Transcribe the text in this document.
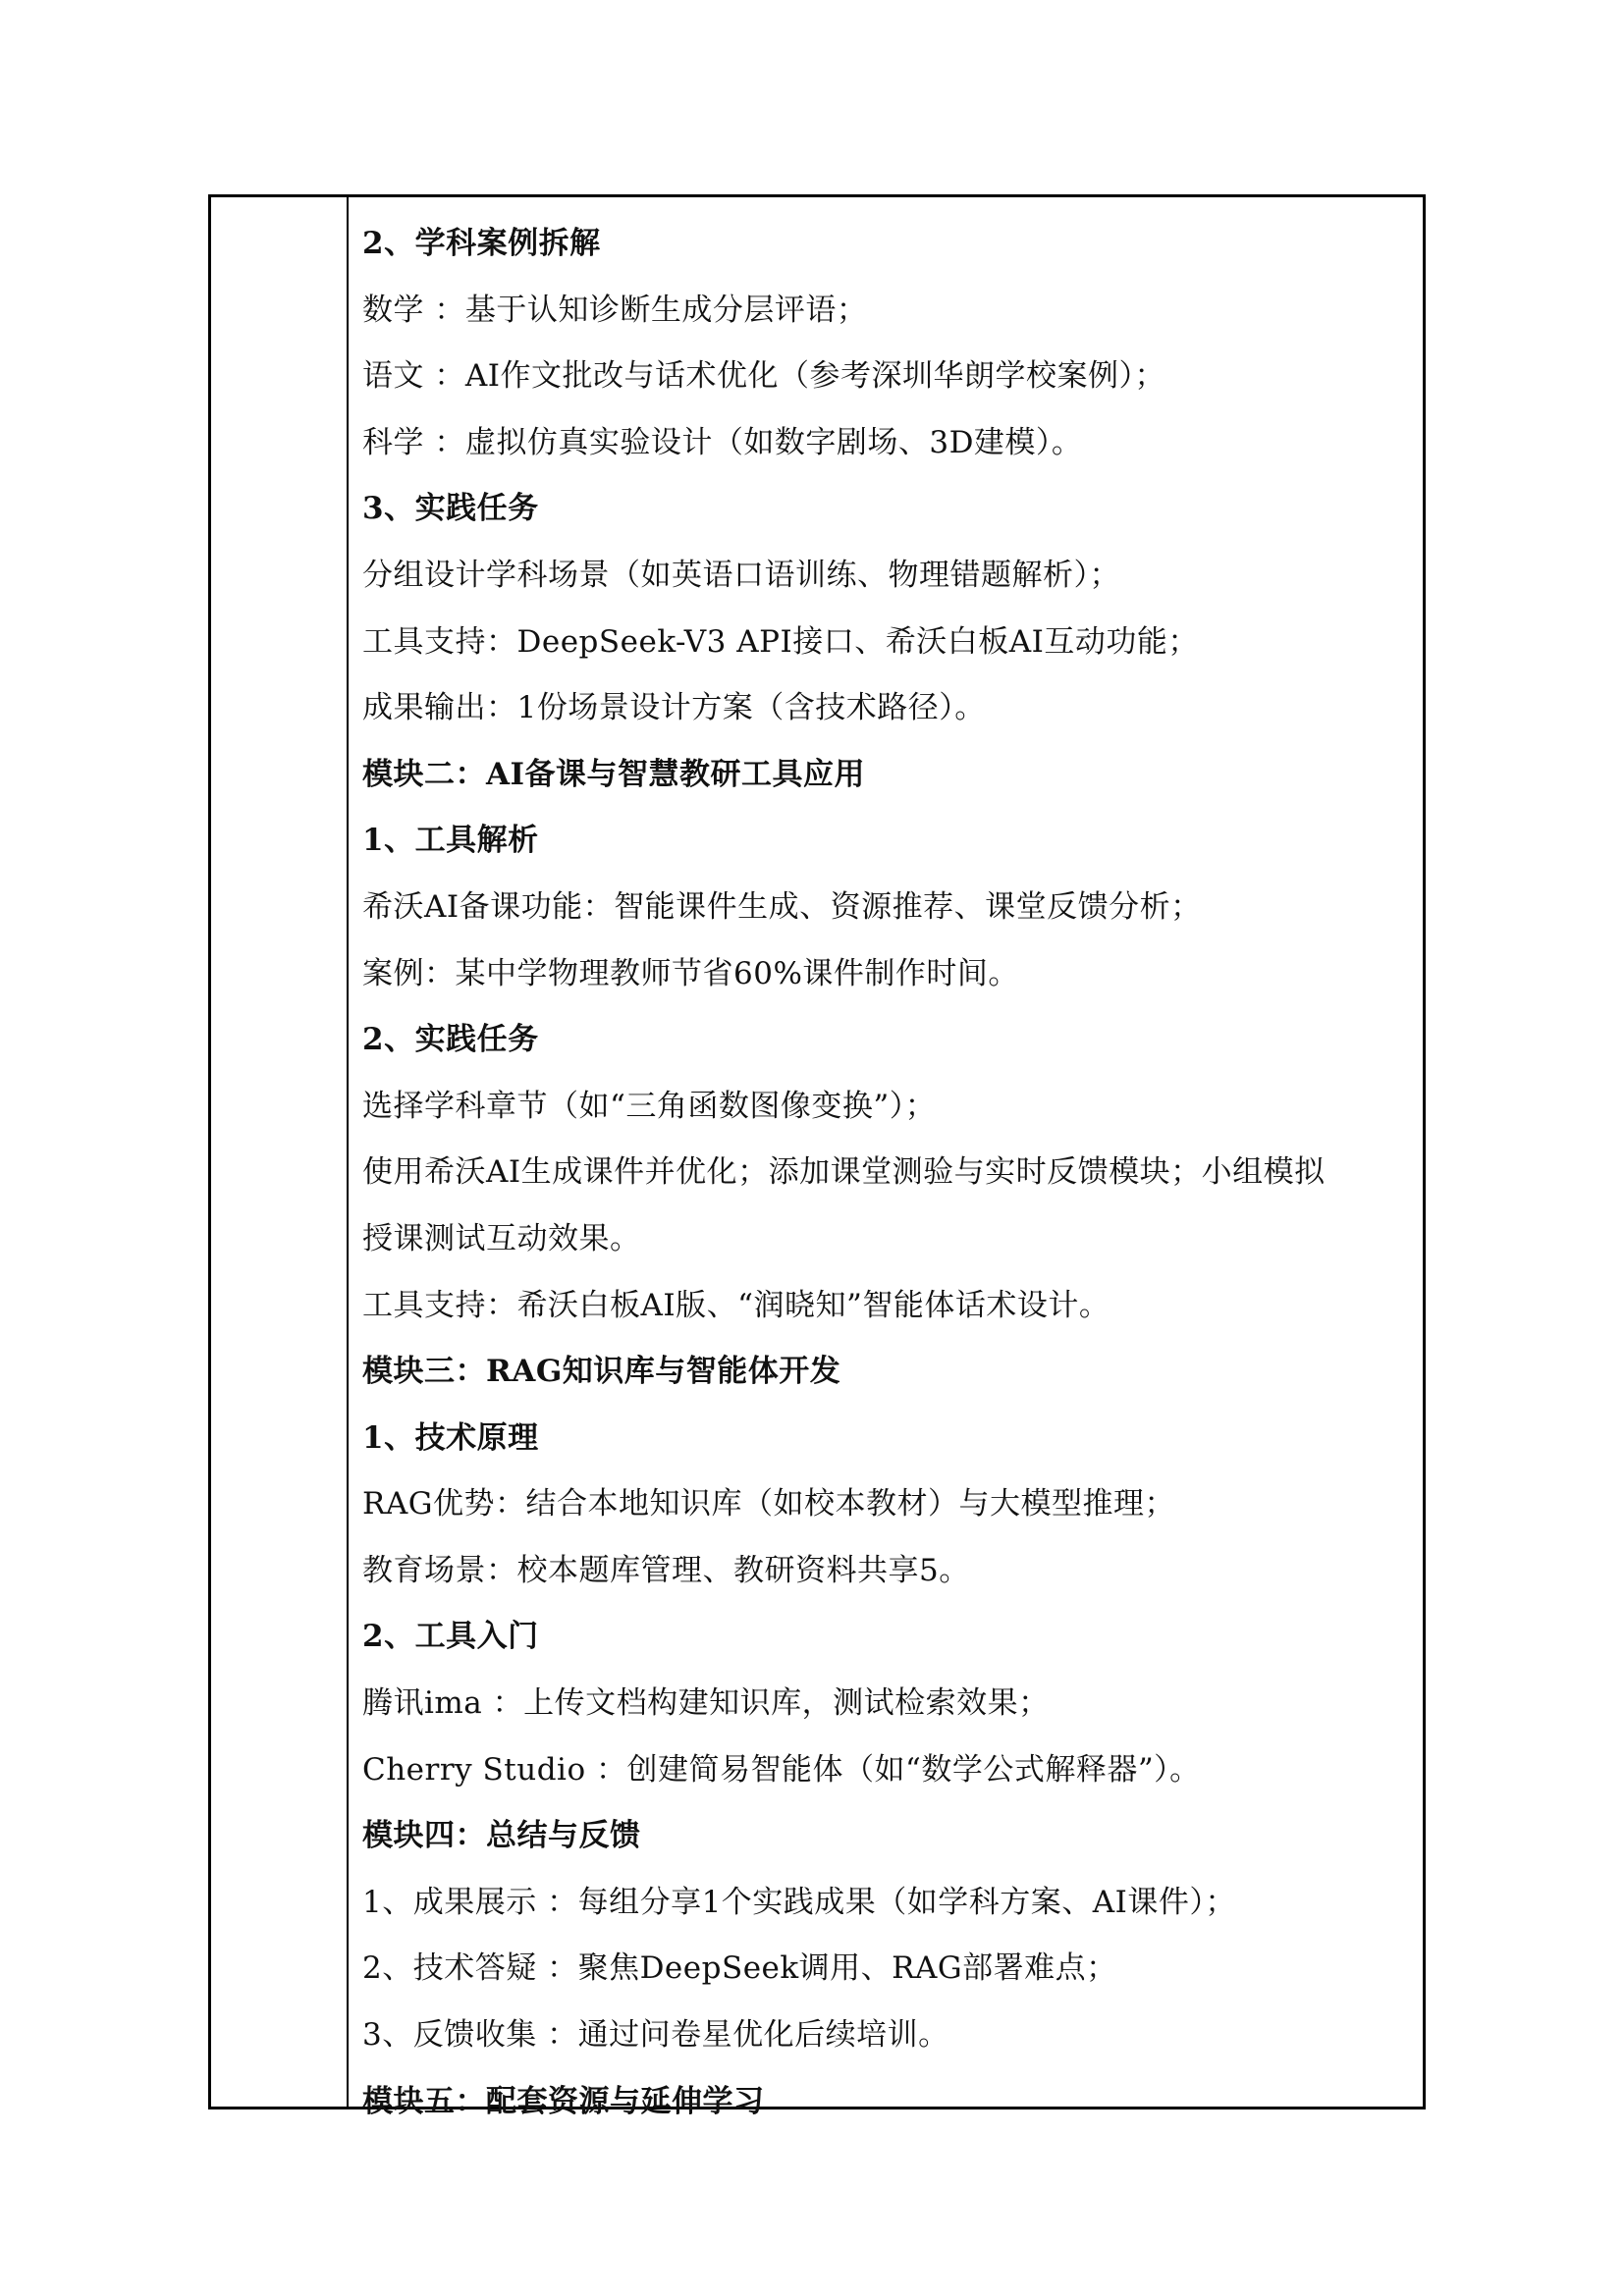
2、学科案例拆解
数学 ：基于认知诊断生成分层评语；
语文 ：AI作文批改与话术优化（参考深圳华朗学校案例）；
科学 ：虚拟仿真实验设计（如数字剧场、3D建模）。
3、实践任务
分组设计学科场景（如英语口语训练、物理错题解析）；
工具支持：DeepSeek-V3 API接口、希沃白板AI互动功能；
成果输出：1份场景设计方案（含技术路径）。
模块二：AI备课与智慧教研工具应用
1、工具解析
希沃AI备课功能：智能课件生成、资源推荐、课堂反馈分析；
案例：某中学物理教师节省60%课件制作时间。
2、实践任务
选择学科章节（如“三角函数图像变换”）；
使用希沃AI生成课件并优化；添加课堂测验与实时反馈模块；小组模拟
授课测试互动效果。
工具支持：希沃白板AI版、“润晓知”智能体话术设计。
模块三：RAG知识库与智能体开发
1、技术原理
RAG优势：结合本地知识库（如校本教材）与大模型推理；
教育场景：校本题库管理、教研资料共享5。
2、工具入门
腾讯ima ：上传文档构建知识库，测试检索效果；
Cherry Studio ：创建简易智能体（如“数学公式解释器”）。
模块四：总结与反馈
1、成果展示 ：每组分享1个实践成果（如学科方案、AI课件）；
2、技术答疑 ：聚焦DeepSeek调用、RAG部署难点；
3、反馈收集 ：通过问卷星优化后续培训。
模块五：配套资源与延伸学习
